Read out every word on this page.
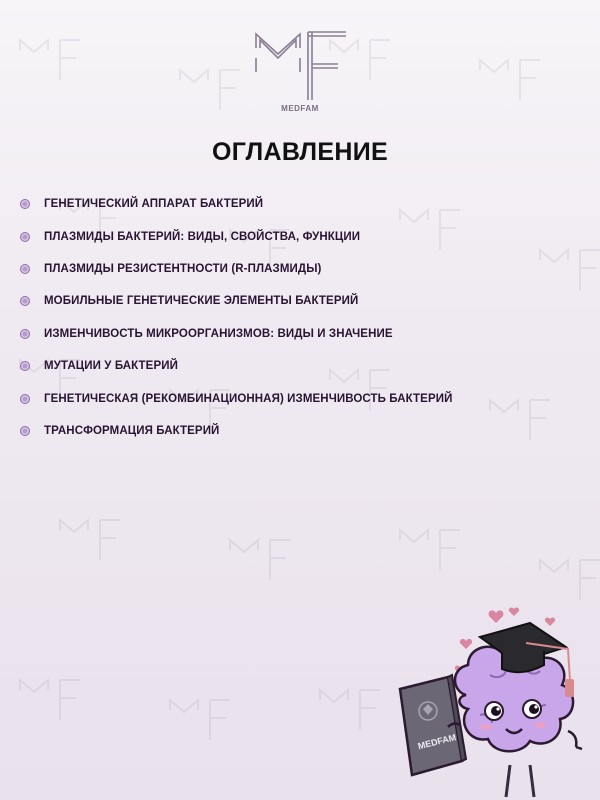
MEDFAM
ОГЛАВЛЕНИЕ
ГЕНЕТИЧЕСКИЙ АППАРАТ БАКТЕРИЙ
ПЛАЗМИДЫ БАКТЕРИЙ: ВИДЫ, СВОЙСТВА, ФУНКЦИИ
ПЛАЗМИДЫ РЕЗИСТЕНТНОСТИ (R-ПЛАЗМИДЫ)
МОБИЛЬНЫЕ ГЕНЕТИЧЕСКИЕ ЭЛЕМЕНТЫ БАКТЕРИЙ
ИЗМЕНЧИВОСТЬ МИКРООРГАНИЗМОВ: ВИДЫ И ЗНАЧЕНИЕ
МУТАЦИИ У БАКТЕРИЙ
ГЕНЕТИЧЕСКАЯ (РЕКОМБИНАЦИОННАЯ) ИЗМЕНЧИВОСТЬ БАКТЕРИЙ
ТРАНСФОРМАЦИЯ БАКТЕРИЙ
MEDFAM
